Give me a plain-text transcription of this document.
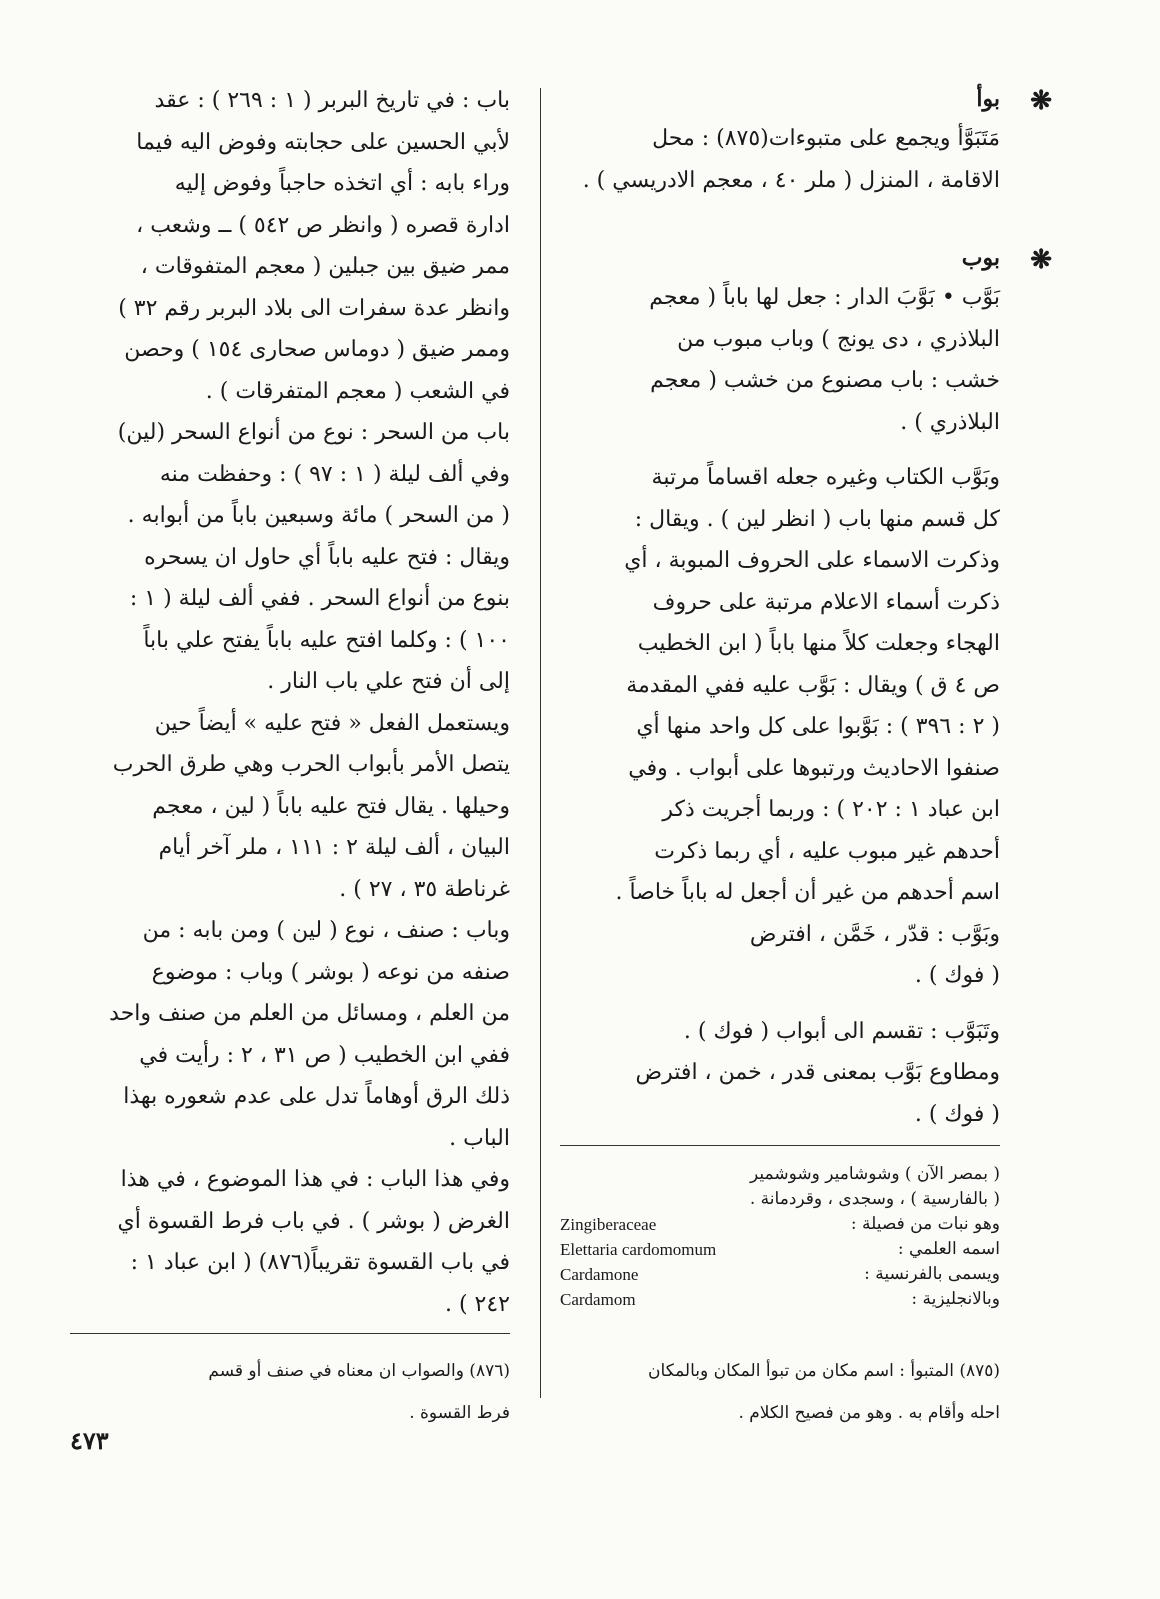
❋
بوأ

مَتَبَوَّأ ويجمع على متبوءات(٨٧٥) : محل

الاقامة ، المنزل ( ملر ٤٠ ، معجم الادريسي ) .

❋
بوب

بَوَّب • بَوَّبَ الدار : جعل لها باباً ( معجم

البلاذري ، دى يونج ) وباب مبوب من

خشب : باب مصنوع من خشب ( معجم

البلاذري ) .

وبَوَّب الكتاب وغيره جعله اقساماً مرتبة

كل قسم منها باب ( انظر لين ) . ويقال :

وذكرت الاسماء على الحروف المبوبة ، أي

ذكرت أسماء الاعلام مرتبة على حروف

الهجاء وجعلت كلاً منها باباً ( ابن الخطيب

ص ٤ ق ) ويقال : بَوَّب عليه ففي المقدمة

( ٢ : ٣٩٦ ) : بَوَّبوا على كل واحد منها أي

صنفوا الاحاديث ورتبوها على أبواب . وفي

ابن عباد ١ : ٢٠٢ ) : وربما أجريت ذكر

أحدهم غير مبوب عليه ، أي ربما ذكرت

اسم أحدهم من غير أن أجعل له باباً خاصاً .

وبَوَّب : قدّر ، خَمَّن ، افترض

( فوك ) .

وتَبَوَّب : تقسم الى أبواب ( فوك ) .

ومطاوع بَوَّب بمعنى قدر ، خمن ، افترض

( فوك ) .

باب : في تاريخ البربر ( ١ : ٢٦٩ ) : عقد

لأبي الحسين على حجابته وفوض اليه فيما

وراء بابه : أي اتخذه حاجباً وفوض إليه

ادارة قصره ( وانظر ص ٥٤٢ ) ــ وشعب ،

ممر ضيق بين جبلين ( معجم المتفوقات ،

وانظر عدة سفرات الى بلاد البربر رقم ٣٢ )

وممر ضيق ( دوماس صحارى ١٥٤ ) وحصن

في الشعب ( معجم المتفرقات ) .

باب من السحر : نوع من أنواع السحر (لين)

وفي ألف ليلة ( ١ : ٩٧ ) : وحفظت منه

( من السحر ) مائة وسبعين باباً من أبوابه .

ويقال : فتح عليه باباً أي حاول ان يسحره

بنوع من أنواع السحر . ففي ألف ليلة ( ١ :

١٠٠ ) : وكلما افتح عليه باباً يفتح علي باباً

إلى أن فتح علي باب النار .

ويستعمل الفعل « فتح عليه » أيضاً حين

يتصل الأمر بأبواب الحرب وهي طرق الحرب

وحيلها . يقال فتح عليه باباً ( لين ، معجم

البيان ، ألف ليلة ٢ : ١١١ ، ملر آخر أيام

غرناطة ٣٥ ، ٢٧ ) .

وباب : صنف ، نوع ( لين ) ومن بابه : من

صنفه من نوعه ( بوشر ) وباب : موضوع

من العلم ، ومسائل من العلم من صنف واحد

ففي ابن الخطيب ( ص ٣١ ، ٢ : رأيت في

ذلك الرق أوهاماً تدل على عدم شعوره بهذا

الباب .

وفي هذا الباب : في هذا الموضوع ، في هذا

الغرض ( بوشر ) . في باب فرط القسوة أي

في باب القسوة تقريباً(٨٧٦) ( ابن عباد ١ :

٢٤٢ ) .

( بمصر الآن ) وشوشامير وشوشمير
( بالفارسية ) ، وسجدى ، وقردمانة .
وهو نبات من فصيلة :
Zingiberaceae
اسمه العلمي :
Elettaria cardomomum
ويسمى بالفرنسية :
Cardamone
وبالانجليزية :
Cardamom

(٨٧٥) المتبوأ : اسم مكان من تبوأ المكان وبالمكان

احله وأقام به . وهو من فصيح الكلام .

(٨٧٦) والصواب ان معناه في صنف أو قسم

فرط القسوة .

٤٧٣
